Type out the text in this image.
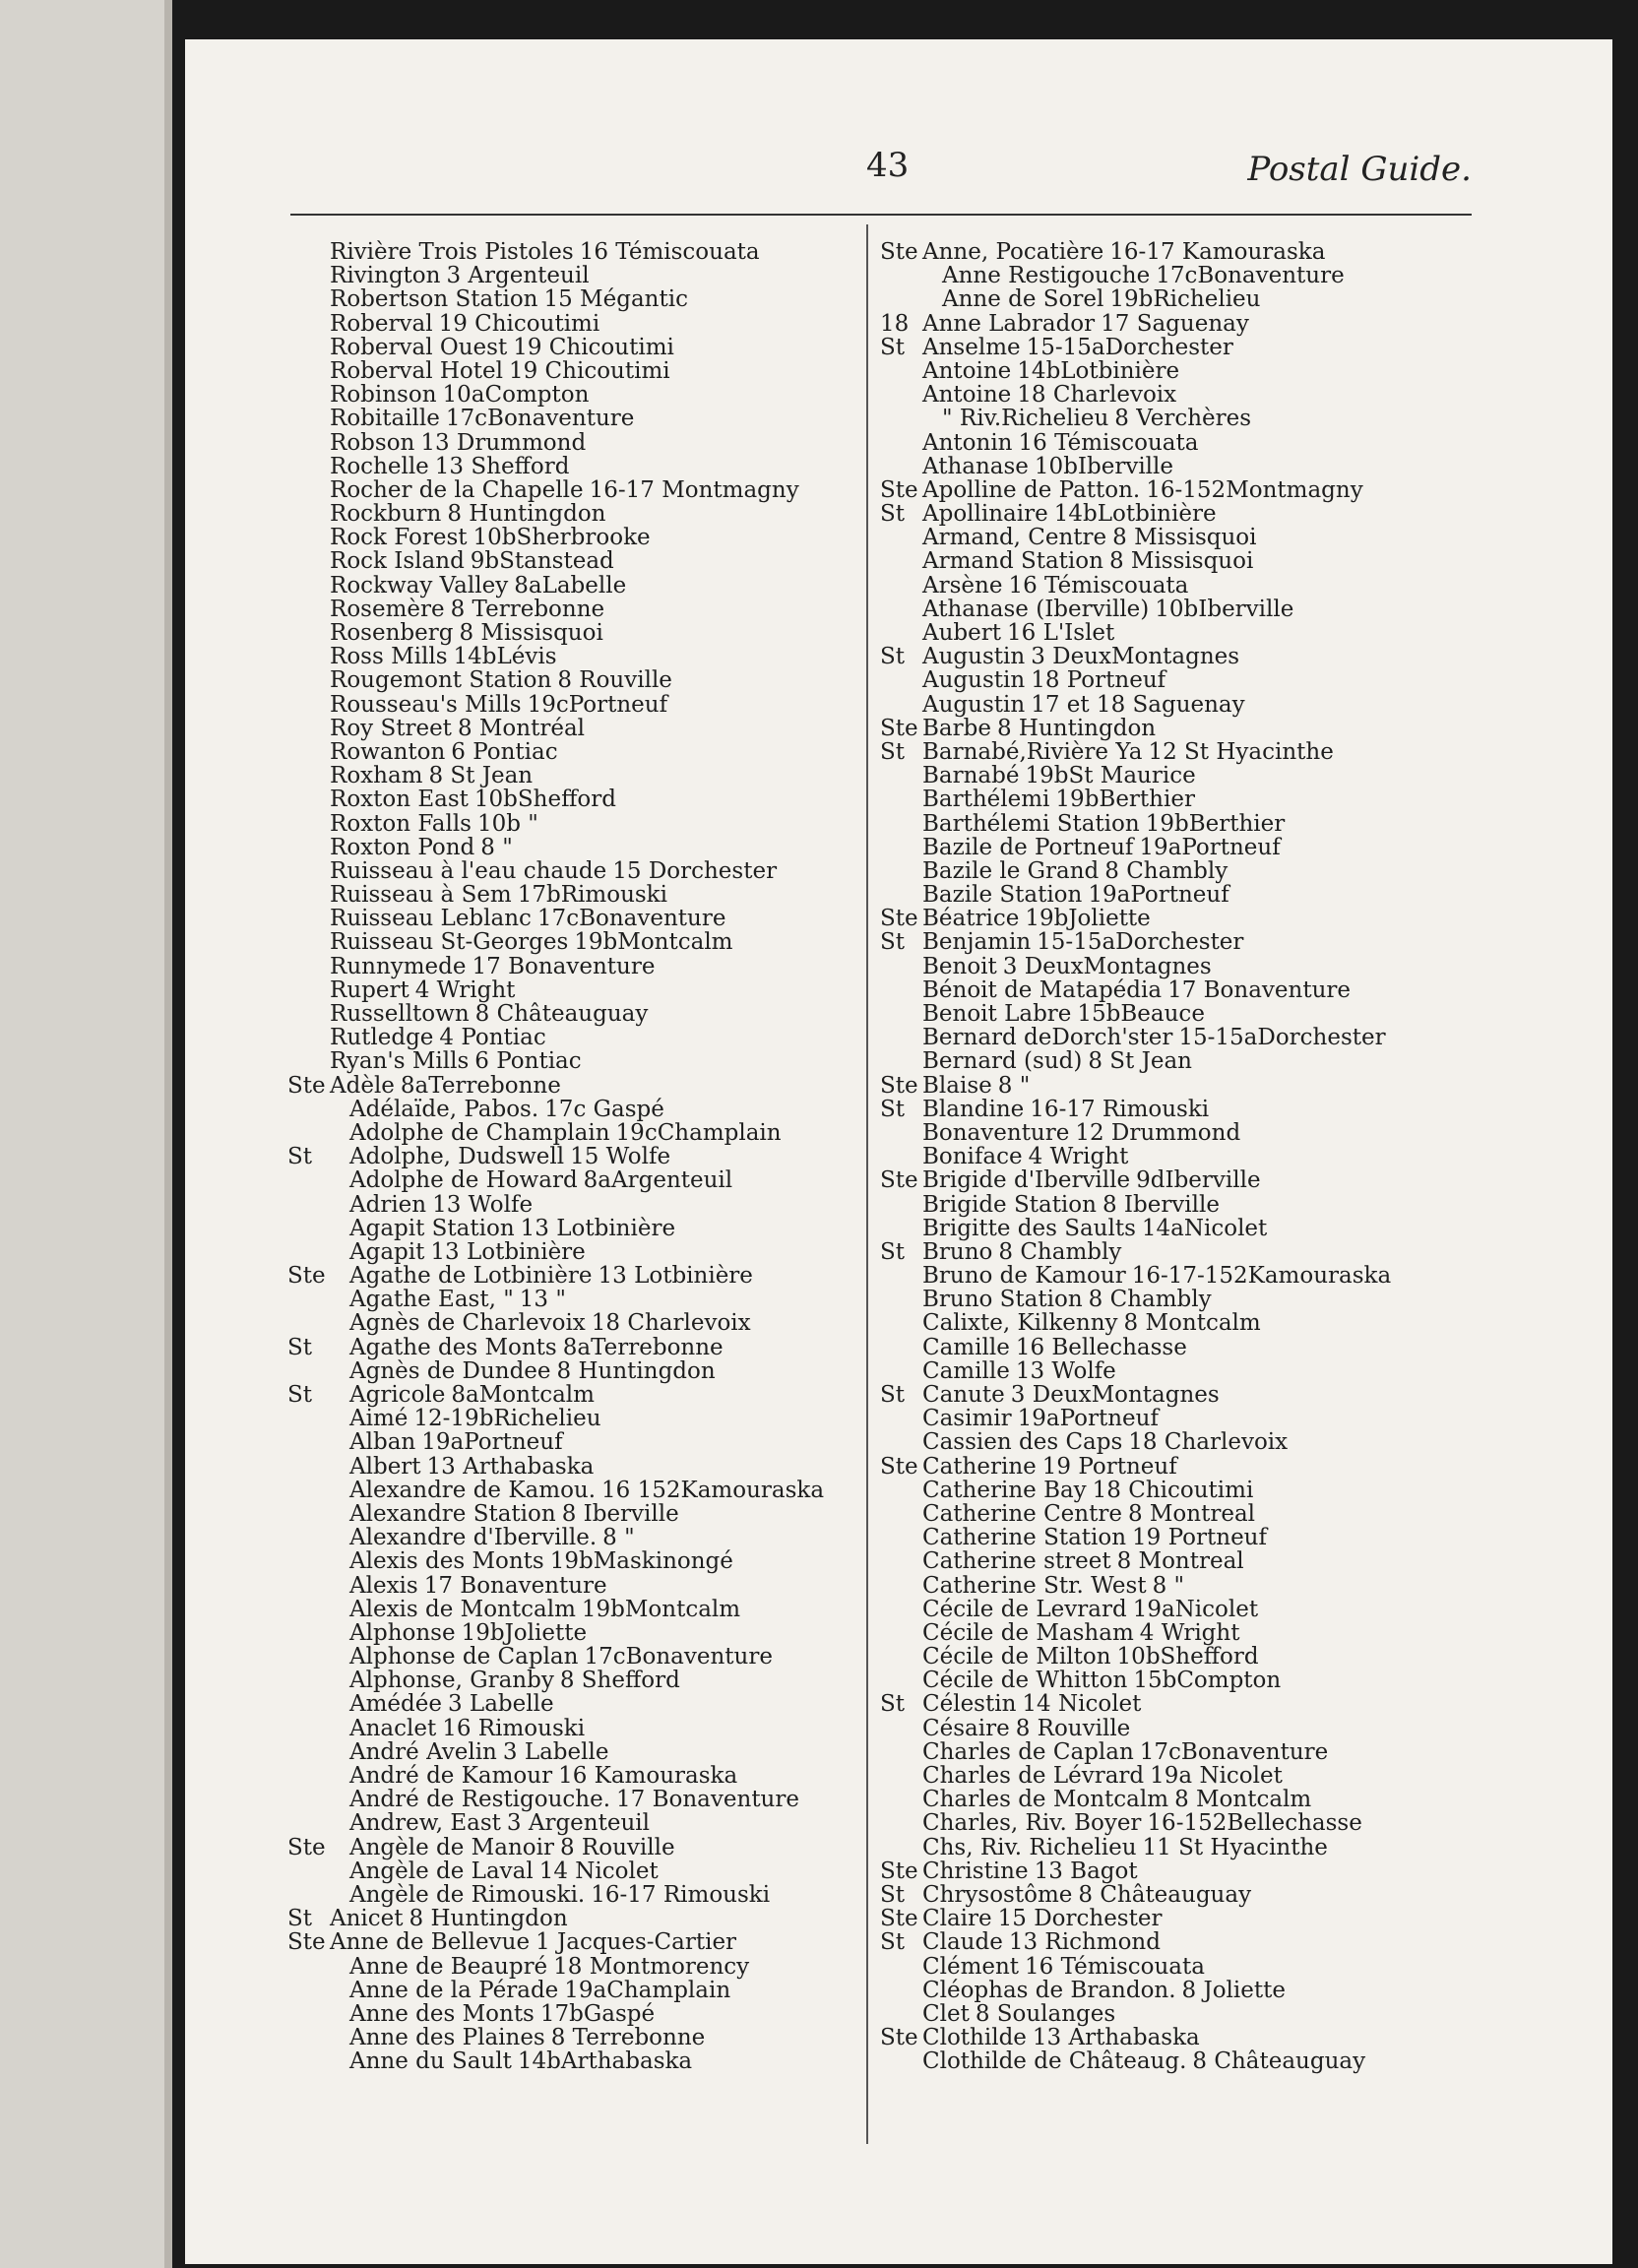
43	Postal Guide.
Rivière Trois Pistoles 16 Témiscouata
Rivington 3 Argenteuil
Robertson Station 15 Mégantic
Roberval 19 Chicoutimi
Roberval Ouest 19 Chicoutimi
Roberval Hotel 19 Chicoutimi
Robinson 10aCompton
Robitaille 17cBonaventure
Robson 13 Drummond
Rochelle 13 Shefford
Rocher de la Chapelle 16-17 Montmagny
Rockburn 8 Huntingdon
Rock Forest 10bSherbrooke
Rock Island 9bStanstead
Rockway Valley 8aLabelle
Rosemère 8 Terrebonne
Rosenberg 8 Missisquoi
Ross Mills 14bLévis
Rougemont Station 8 Rouville
Rousseau's Mills 19cPortneuf
Roy Street 8 Montréal
Rowanton 6 Pontiac
Roxham 8 St Jean
Roxton East 10bShefford
Roxton Falls 10b "
Roxton Pond 8 "
Ruisseau à l'eau chaude 15 Dorchester
Ruisseau à Sem 17bRimouski
Ruisseau Leblanc 17cBonaventure
Ruisseau St-Georges 19bMontcalm
Runnymede 17 Bonaventure
Rupert 4 Wright
Russelltown 8 Châteauguay
Rutledge 4 Pontiac
Ryan's Mills 6 Pontiac
Ste Adèle 8aTerrebonne
Adélaïde, Pabos. 17c Gaspé
Adolphe de Champlain 19cChamplain
St	Adolphe, Dudswell 15 Wolfe
Adolphe de Howard 8aArgenteuil
Adrien 13 Wolfe
Agapit Station 13 Lotbinière
Agapit 13 Lotbinière
Ste Agathe de Lotbinière 13 Lotbinière
Agathe East, " 13 "
Agnès de Charlevoix 18 Charlevoix
St	Agathe des Monts 8aTerrebonne
Agnès de Dundee 8 Huntingdon
St	Agricole 8aMontcalm
Aimé 12-19bRichelieu
Alban 19aPortneuf
Albert 13 Arthabaska
Alexandre de Kamou. 16 152Kamouraska
Alexandre Station 8 Iberville
Alexandre d'Iberville. 8 "
Alexis des Monts 19bMaskinongé
Alexis 17 Bonaventure
Alexis de Montcalm 19bMontcalm
Alphonse 19bJoliette
Alphonse de Caplan 17cBonaventure
Alphonse, Granby 8 Shefford
Amédée 3 Labelle
Anaclet 16 Rimouski
André Avelin 3 Labelle
André de Kamour 16 Kamouraska
André de Restigouche. 17 Bonaventure
Andrew, East 3 Argenteuil
Ste Angèle de Manoir 8 Rouville
Angèle de Laval 14 Nicolet
Angèle de Rimouski. 16-17 Rimouski
St Anicet 8 Huntingdon
Ste Anne de Bellevue 1 Jacques-Cartier
Anne de Beaupré 18 Montmorency
Anne de la Pérade 19aChamplain
Anne des Monts 17bGaspé
Anne des Plaines 8 Terrebonne
Anne du Sault 14bArthabaska
Ste Anne, Pocatière 16-17 Kamouraska
Anne Restigouche 17cBonaventure
Anne de Sorel 19bRichelieu
18 Anne Labrador 17 Saguenay
St Anselme 15-15aDorchester
Antoine 14bLotbinière
Antoine 18 Charlevoix
" Riv.Richelieu 8 Verchères
Antonin 16 Témiscouata
Athanase 10bIberville
Ste Apolline de Patton. 16-152Montmagny
St Apollinaire 14bLotbinière
Armand, Centre 8 Missisquoi
Armand Station 8 Missisquoi
Arsène 16 Témiscouata
Athanase (Iberville) 10bIberville
Aubert 16 L'Islet
St Augustin 3 DeuxMontagnes
Augustin 18 Portneuf
Augustin 17 et 18 Saguenay
Ste Barbe 8 Huntingdon
St Barnabé,Rivière Ya 12 St Hyacinthe
Barnabé 19bSt Maurice
Barthélemi 19bBerthier
Barthélemi Station 19bBerthier
Bazile de Portneuf 19aPortneuf
Bazile le Grand 8 Chambly
Bazile Station 19aPortneuf
Ste Béatrice 19bJoliette
St Benjamin 15-15aDorchester
Benoit 3 DeuxMontagnes
Bénoit de Matapédia 17 Bonaventure
Benoit Labre 15bBeauce
Bernard deDorch'ster 15-15aDorchester
Bernard (sud) 8 St Jean
Ste Blaise 8 "
St Blandine 16-17 Rimouski
Bonaventure 12 Drummond
Boniface 4 Wright
Ste Brigide d'Iberville 9dIberville
Brigide Station 8 Iberville
Brigitte des Saults 14aNicolet
St Bruno 8 Chambly
Bruno de Kamour 16-17-152Kamouraska
Bruno Station 8 Chambly
Calixte, Kilkenny 8 Montcalm
Camille 16 Bellechasse
Camille 13 Wolfe
St Canute 3 DeuxMontagnes
Casimir 19aPortneuf
Cassien des Caps 18 Charlevoix
Ste Catherine 19 Portneuf
Catherine Bay 18 Chicoutimi
Catherine Centre 8 Montreal
Catherine Station 19 Portneuf
Catherine street 8 Montreal
Catherine Str. West 8 "
Cécile de Levrard 19aNicolet
Cécile de Masham 4 Wright
Cécile de Milton 10bShefford
Cécile de Whitton 15bCompton
St Célestin 14 Nicolet
Césaire 8 Rouville
Charles de Caplan 17cBonaventure
Charles de Lévrard 19a Nicolet
Charles de Montcalm 8 Montcalm
Charles, Riv. Boyer 16-152Bellechasse
Chs, Riv. Richelieu 11 St Hyacinthe
Ste Christine 13 Bagot
St Chrysostôme 8 Châteauguay
Ste Claire 15 Dorchester
St Claude 13 Richmond
Clément 16 Témiscouata
Cléophas de Brandon. 8 Joliette
Clet 8 Soulanges
Ste Clothilde 13 Arthabaska
Clothilde de Châteaug. 8 Châteauguay
